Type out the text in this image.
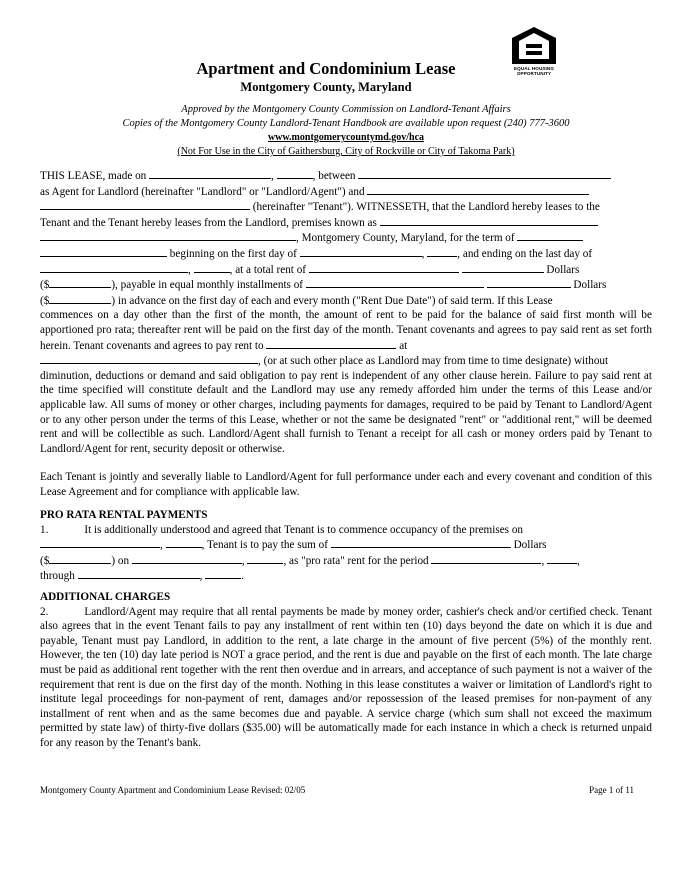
EQUAL HOUSING
OPPORTUNITY
Apartment and Condominium Lease
Montgomery County, Maryland
Approved by the Montgomery County Commission on Landlord-Tenant Affairs
Copies of the Montgomery County Landlord-Tenant Handbook are available upon request (240) 777-3600
www.montgomerycountymd.gov/hca
(Not For Use in the City of Gaithersburg, City of Rockville or City of Takoma Park)
THIS LEASE, made on	,	, between
as Agent for Landlord (hereinafter "Landlord" or "Landlord/Agent") and
(hereinafter "Tenant"). WITNESSETH, that the Landlord hereby leases to the
Tenant and the Tenant hereby leases from the Landlord, premises known as
, Montgomery County, Maryland, for the term of
beginning on the first day of	,	, and ending on the last day of
,	, at a total rent of	Dollars
($	), payable in equal monthly installments of	Dollars
($	) in advance on the first day of each and every month ("Rent Due Date") of said term. If this Lease
commences on a day other than the first of the month, the amount of rent to be paid for the balance of said first month will be apportioned pro rata; thereafter rent will be paid on the first day of the month. Tenant covenants and agrees to pay said rent as set forth herein. Tenant covenants and agrees to pay rent to	at
, (or at such other place as Landlord may from time to time designate) without
diminution, deductions or demand and said obligation to pay rent is independent of any other clause herein. Failure to pay said rent at the time specified will constitute default and the Landlord may use any remedy afforded him under the terms of this Lease and/or applicable law. All sums of money or other charges, including payments for damages, required to be paid by Tenant to Landlord/Agent or to any other person under the terms of this Lease, whether or not the same be designated "rent" or "additional rent," will be deemed rent and will be collectible as such. Landlord/Agent shall furnish to Tenant a receipt for all cash or money orders paid by Tenant to Landlord/Agent for rent, security deposit or otherwise.
Each Tenant is jointly and severally liable to Landlord/Agent for full performance under each and every covenant and condition of this Lease Agreement and for compliance with applicable law.
PRO RATA RENTAL PAYMENTS
1.	It is additionally understood and agreed that Tenant is to commence occupancy of the premises on
,	, Tenant is to pay the sum of	Dollars
($	) on	,	, as "pro rata" rent for the period	,	,
through	,	.
ADDITIONAL CHARGES
2.	Landlord/Agent may require that all rental payments be made by money order, cashier's check and/or certified check. Tenant also agrees that in the event Tenant fails to pay any installment of rent within ten (10) days beyond the date on which it is due and payable, Tenant must pay Landlord, in addition to the rent, a late charge in the amount of five percent (5%) of the monthly rent. However, the ten (10) day late period is NOT a grace period, and the rent is due and payable on the first of each month. The late charge must be paid as additional rent together with the rent then overdue and in arrears, and acceptance of such payment is not a waiver of the requirement that rent is due on the first day of the month. Nothing in this lease constitutes a waiver or limitation of Landlord's right to institute legal proceedings for non-payment of rent, damages and/or repossession of the leased premises for non-payment of any installment of rent when and as the same becomes due and payable. A service charge (which sum shall not exceed the maximum permitted by state law) of thirty-five dollars ($35.00) will be automatically made for each instance in which a check is returned unpaid for any reason by the Tenant's bank.
Montgomery County Apartment and Condominium Lease Revised: 02/05	Page 1 of 11
